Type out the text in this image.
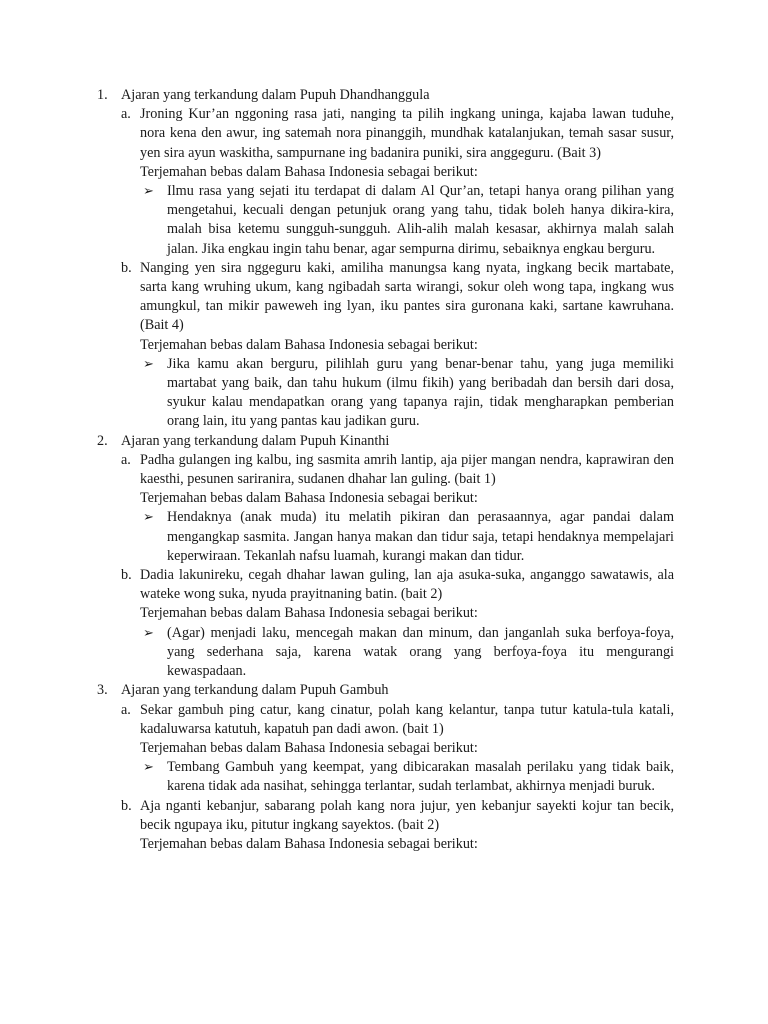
1. Ajaran yang terkandung dalam Pupuh Dhandhanggula
a. Jroning Kur’an nggoning rasa jati, nanging ta pilih ingkang uninga, kajaba lawan tuduhe, nora kena den awur, ing satemah nora pinanggih, mundhak katalanjukan, temah sasar susur, yen sira ayun waskitha, sampurnane ing badanira puniki, sira anggeguru. (Bait 3)
Terjemahan bebas dalam Bahasa Indonesia sebagai berikut:
➢ Ilmu rasa yang sejati itu terdapat di dalam Al Qur’an, tetapi hanya orang pilihan yang mengetahui, kecuali dengan petunjuk orang yang tahu, tidak boleh hanya dikira-kira, malah bisa ketemu sungguh-sungguh. Alih-alih malah kesasar, akhirnya malah salah jalan. Jika engkau ingin tahu benar, agar sempurna dirimu, sebaiknya engkau berguru.
b. Nanging yen sira nggeguru kaki, amiliha manungsa kang nyata, ingkang becik martabate, sarta kang wruhing ukum, kang ngibadah sarta wirangi, sokur oleh wong tapa, ingkang wus amungkul, tan mikir paweweh ing lyan, iku pantes sira guronana kaki, sartane kawruhana. (Bait 4)
Terjemahan bebas dalam Bahasa Indonesia sebagai berikut:
➢ Jika kamu akan berguru, pilihlah guru yang benar-benar tahu, yang juga memiliki martabat yang baik, dan tahu hukum (ilmu fikih) yang beribadah dan bersih dari dosa, syukur kalau mendapatkan orang yang tapanya rajin, tidak mengharapkan pemberian orang lain, itu yang pantas kau jadikan guru.
2. Ajaran yang terkandung dalam Pupuh Kinanthi
a. Padha gulangen ing kalbu, ing sasmita amrih lantip, aja pijer mangan nendra, kaprawiran den kaesthi, pesunen sariranira, sudanen dhahar lan guling. (bait 1)
Terjemahan bebas dalam Bahasa Indonesia sebagai berikut:
➢ Hendaknya (anak muda) itu melatih pikiran dan perasaannya, agar pandai dalam mengangkap sasmita. Jangan hanya makan dan tidur saja, tetapi hendaknya mempelajari keperwiraan. Tekanlah nafsu luamah, kurangi makan dan tidur.
b. Dadia lakunireku, cegah dhahar lawan guling, lan aja asuka-suka, anganggo sawatawis, ala wateke wong suka, nyuda prayitnaning batin. (bait 2)
Terjemahan bebas dalam Bahasa Indonesia sebagai berikut:
➢ (Agar) menjadi laku, mencegah makan dan minum, dan janganlah suka berfoya-foya, yang sederhana saja, karena watak orang yang berfoya-foya itu mengurangi kewaspadaan.
3. Ajaran yang terkandung dalam Pupuh Gambuh
a. Sekar gambuh ping catur, kang cinatur, polah kang kelantur, tanpa tutur katula-tula katali, kadaluwarsa katutuh, kapatuh pan dadi awon. (bait 1)
Terjemahan bebas dalam Bahasa Indonesia sebagai berikut:
➢ Tembang Gambuh yang keempat, yang dibicarakan masalah perilaku yang tidak baik, karena tidak ada nasihat, sehingga terlantar, sudah terlambat, akhirnya menjadi buruk.
b. Aja nganti kebanjur, sabarang polah kang nora jujur, yen kebanjur sayekti kojur tan becik, becik ngupaya iku, pitutur ingkang sayektos. (bait 2)
Terjemahan bebas dalam Bahasa Indonesia sebagai berikut:
